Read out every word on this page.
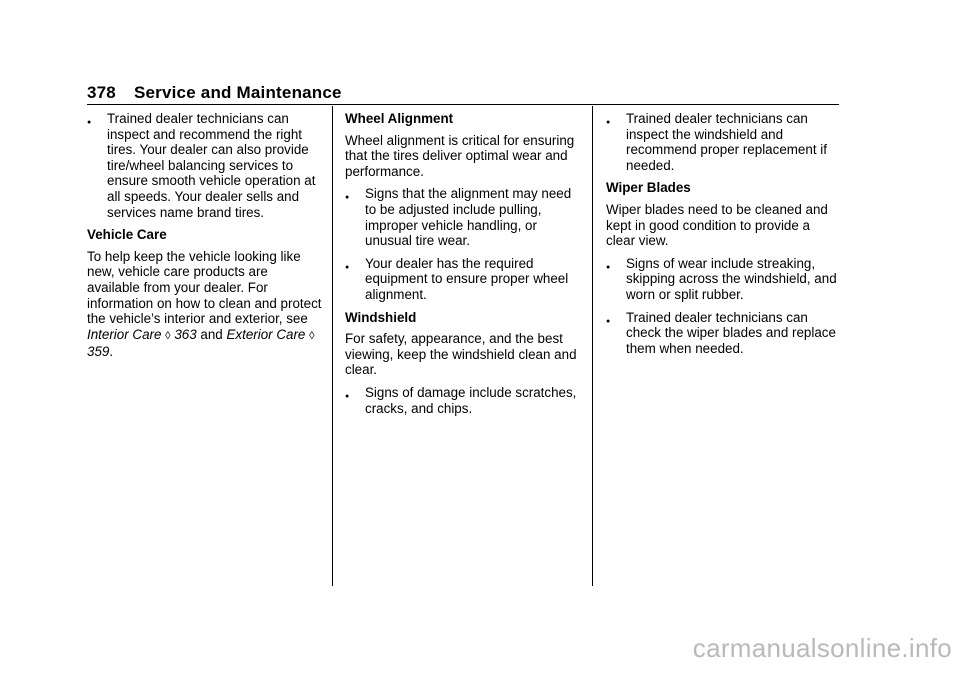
378 Service and Maintenance
● Trained dealer technicians can inspect and recommend the right tires. Your dealer can also provide tire/wheel balancing services to ensure smooth vehicle operation at all speeds. Your dealer sells and services name brand tires.
Vehicle Care
To help keep the vehicle looking like new, vehicle care products are available from your dealer. For information on how to clean and protect the vehicle’s interior and exterior, see Interior Care ◊ 363 and Exterior Care ◊ 359.
Wheel Alignment
Wheel alignment is critical for ensuring that the tires deliver optimal wear and performance.
● Signs that the alignment may need to be adjusted include pulling, improper vehicle handling, or unusual tire wear.
● Your dealer has the required equipment to ensure proper wheel alignment.
Windshield
For safety, appearance, and the best viewing, keep the windshield clean and clear.
● Signs of damage include scratches, cracks, and chips.
● Trained dealer technicians can inspect the windshield and recommend proper replacement if needed.
Wiper Blades
Wiper blades need to be cleaned and kept in good condition to provide a clear view.
● Signs of wear include streaking, skipping across the windshield, and worn or split rubber.
● Trained dealer technicians can check the wiper blades and replace them when needed.
carmanualsonline.info
